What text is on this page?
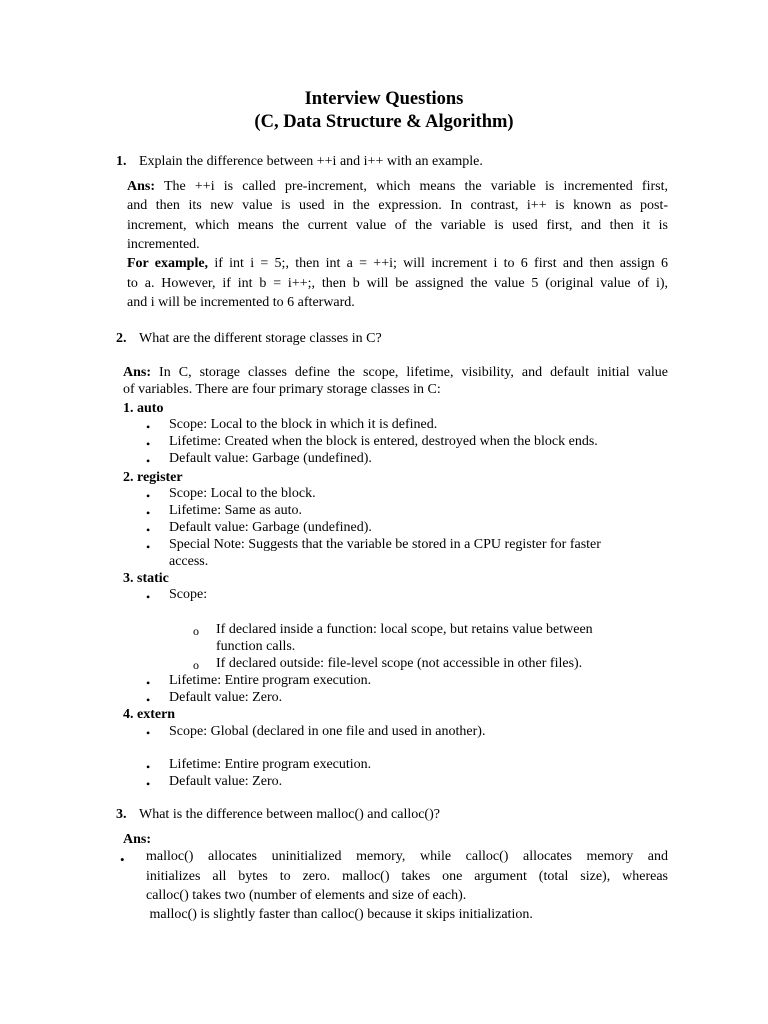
Interview Questions
(C, Data Structure & Algorithm)
1. Explain the difference between ++i and i++ with an example.
Ans: The ++i is called pre-increment, which means the variable is incremented first,
and then its new value is used in the expression. In contrast, i++ is known as post-
increment, which means the current value of the variable is used first, and then it is
incremented.
For example, if int i = 5;, then int a = ++i; will increment i to 6 first and then assign 6
to a. However, if int b = i++;, then b will be assigned the value 5 (original value of i),
and i will be incremented to 6 afterward.
2. What are the different storage classes in C?
Ans: In C, storage classes define the scope, lifetime, visibility, and default initial value
of variables. There are four primary storage classes in C:
1. auto
• Scope: Local to the block in which it is defined.
• Lifetime: Created when the block is entered, destroyed when the block ends.
• Default value: Garbage (undefined).
2. register
• Scope: Local to the block.
• Lifetime: Same as auto.
• Default value: Garbage (undefined).
• Special Note: Suggests that the variable be stored in a CPU register for faster
access.
3. static
• Scope:
o If declared inside a function: local scope, but retains value between
function calls.
o If declared outside: file-level scope (not accessible in other files).
• Lifetime: Entire program execution.
• Default value: Zero.
4. extern
• Scope: Global (declared in one file and used in another).
• Lifetime: Entire program execution.
• Default value: Zero.
3. What is the difference between malloc() and calloc()?
Ans:
• malloc() allocates uninitialized memory, while calloc() allocates memory and
initializes all bytes to zero. malloc() takes one argument (total size), whereas
calloc() takes two (number of elements and size of each).
malloc() is slightly faster than calloc() because it skips initialization.
